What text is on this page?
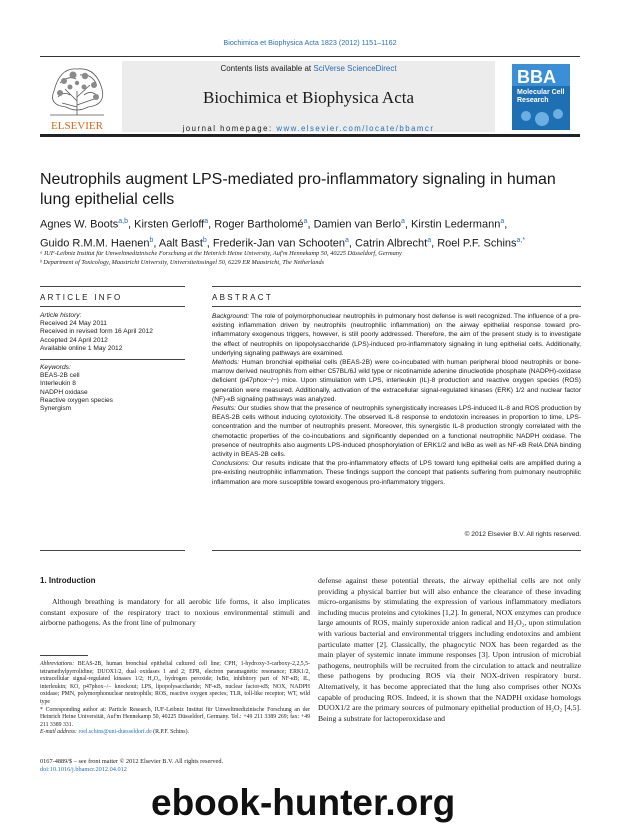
Biochimica et Biophysica Acta 1823 (2012) 1151–1162
ELSEVIER
Contents lists available at SciVerse ScienceDirect
Biochimica et Biophysica Acta
journal homepage: www.elsevier.com/locate/bbamcr
BBA
Molecular Cell
Research
Neutrophils augment LPS-mediated pro-inflammatory signaling in human lung epithelial cells
Agnes W. Boots$^{a,b}$, Kirsten Gerloff$^a$, Roger Bartholomé$^a$, Damien van Berlo$^a$, Kirstin Ledermann$^a$,
Guido R.M.M. Haenen$^b$, Aalt Bast$^b$, Frederik-Jan van Schooten$^a$, Catrin Albrecht$^a$, Roel P.F. Schins$^{a,*}$
ᵃ IUF-Leibniz Institut für Umweltmedizinische Forschung at the Heinrich Heine University, Auf'm Hennekamp 50, 40225 Düsseldorf, Germany
ᵇ Department of Toxicology, Maastricht University, Universiteitssingel 50, 6229 ER Maastricht, The Netherlands
ARTICLE INFO	ABSTRACT
Article history:
Received 24 May 2011
Received in revised form 16 April 2012
Accepted 24 April 2012
Available online 1 May 2012
Keywords:
BEAS-2B cell
Interleukin 8
NADPH oxidase
Reactive oxygen species
Synergism

Background: The role of polymorphonuclear neutrophils in pulmonary host defense is well recognized. The influence of a pre-existing inflammation driven by neutrophils (neutrophilic inflammation) on the airway epithelial response toward pro-inflammatory exogenous triggers, however, is still poorly addressed. Therefore, the aim of the present study is to investigate the effect of neutrophils on lipopolysaccharide (LPS)-induced pro-inflammatory signaling in lung epithelial cells. Additionally, underlying signaling pathways are examined.

Methods: Human bronchial epithelial cells (BEAS-2B) were co-incubated with human peripheral blood neutrophils or bone-marrow derived neutrophils from either C57BL/6J wild type or nicotinamide adenine dinucleotide phosphate (NADPH)-oxidase deficient (p47phox−/−) mice. Upon stimulation with LPS, interleukin (IL)-8 production and reactive oxygen species (ROS) generation were measured. Additionally, activation of the extracellular signal-regulated kinases (ERK) 1/2 and nuclear factor (NF)-κB signaling pathways was analyzed.

Results: Our studies show that the presence of neutrophils synergistically increases LPS-induced IL-8 and ROS production by BEAS-2B cells without inducing cytotoxicity. The observed IL-8 response to endotoxin increases in proportion to time, LPS-concentration and the number of neutrophils present. Moreover, this synergistic IL-8 production strongly correlated with the chemotactic properties of the co-incubations and significantly depended on a functional neutrophilic NADPH oxidase. The presence of neutrophils also augments LPS-induced phosphorylation of ERK1/2 and IκBα as well as NF-κB RelA DNA binding activity in BEAS-2B cells.

Conclusions: Our results indicate that the pro-inflammatory effects of LPS toward lung epithelial cells are amplified during a pre-existing neutrophilic inflammation. These findings support the concept that patients suffering from pulmonary neutrophilic inflammation are more susceptible toward exogenous pro-inflammatory triggers.

© 2012 Elsevier B.V. All rights reserved.
1. Introduction
Although breathing is mandatory for all aerobic life forms, it also implicates constant exposure of the respiratory tract to noxious environmental stimuli and airborne pathogens. As the front line of pulmonary
defense against these potential threats, the airway epithelial cells are not only providing a physical barrier but will also enhance the clearance of these invading micro-organisms by stimulating the expression of various inflammatory mediators including mucus proteins and cytokines [1,2]. In general, NOX enzymes can produce large amounts of ROS, mainly superoxide anion radical and H₂O₂, upon stimulation with various bacterial and environmental triggers including endotoxins and ambient particulate matter [2]. Classically, the phagocytic NOX has been regarded as the main player of systemic innate immune responses [3]. Upon intrusion of microbial pathogens, neutrophils will be recruited from the circulation to attack and neutralize these pathogens by producing ROS via their NOX-driven respiratory burst. Alternatively, it has become appreciated that the lung also comprises other NOXs capable of producing ROS. Indeed, it is shown that the NADPH oxidase homologs DUOX1/2 are the primary sources of pulmonary epithelial production of H₂O₂ [4,5]. Being a substrate for lactoperoxidase and
Abbreviations: BEAS-2B, human bronchial epithelial cultured cell line; CPH, 1-hydroxy-3-carboxy-2,2,5,5-tetramethylpyrrolidine; DUOX1/2, dual oxidases 1 and 2; EPR, electron paramagnetic resonance; ERK1/2, extracellular signal-regulated kinases 1/2; H₂O₂, hydrogen peroxide; IκBα, inhibitory part of NF-κB; IL, interleukin; KO, p47phox−/− knockout; LPS, lipopolysaccharide; NF-κB, nuclear factor-κB; NOX, NADPH oxidase; PMN, polymorphonuclear neutrophils; ROS, reactive oxygen species; TLR, toll-like receptor; WT, wild type
* Corresponding author at: Particle Research, IUF-Leibniz Institut für Umweltmedizinische Forschung an der Heinrich Heine Universität, Auf'm Hennekamp 50, 40225 Düsseldorf, Germany. Tel.: +49 211 3389 269; fax: +49 211 3389 331.
E-mail address: roel.schins@uni-duesseldorf.de (R.P.F. Schins).
0167-4889/$ – see front matter © 2012 Elsevier B.V. All rights reserved.
doi:10.1016/j.bbamcr.2012.04.012
ebook-hunter.org
